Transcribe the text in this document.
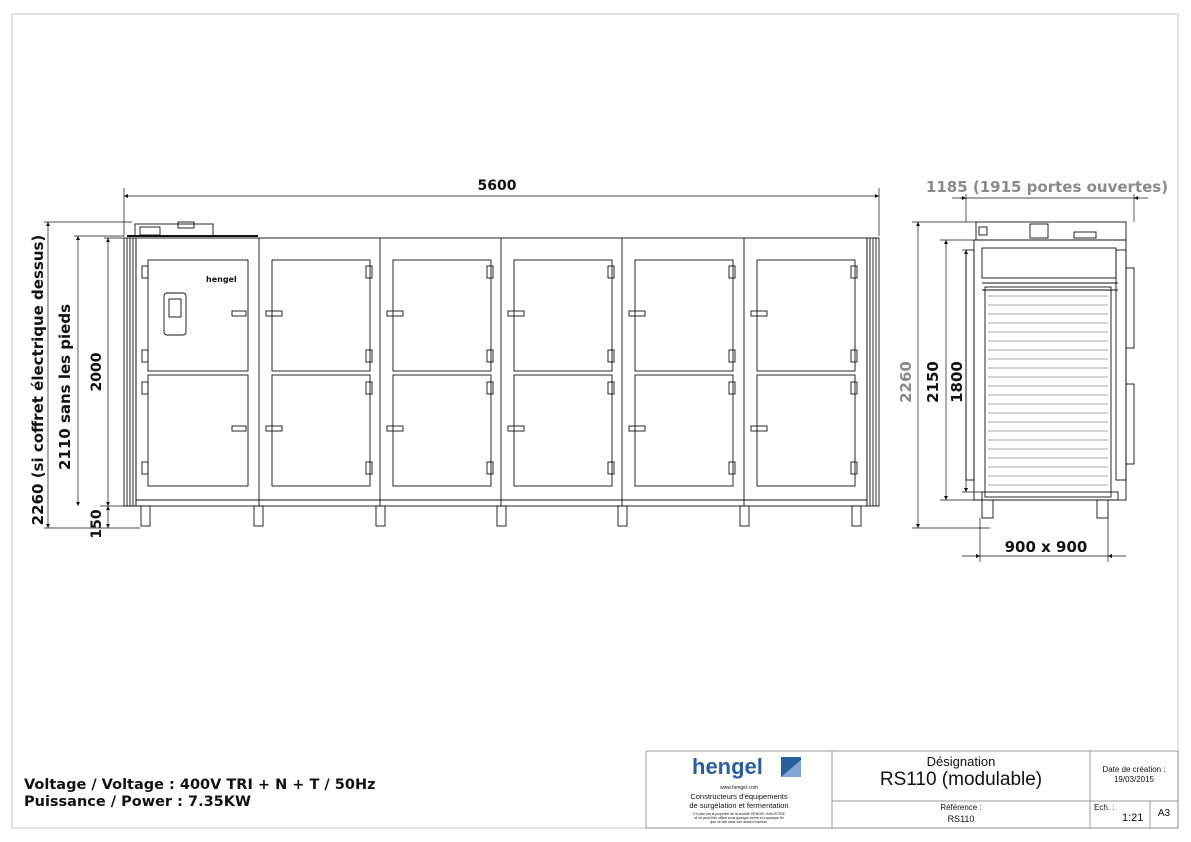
hengel
5600
2260 (si coffret électrique dessus) 2110 sans les pieds 2000
150
1185 (1915 portes ouvertes)
2260 2150 1800
900 x 900
Voltage / Voltage : 400V TRI + N + T / 50Hz
Puissance / Power : 7.35KW
hengel
www.hengel.com
Constructeurs d'équipements
de surgélation et fermentation
Ce plan est la propriété de la société HENGEL INDUSTRIE
et ne peut être utilisé sous quelque forme et à quelque fin
que ce soit sans son accord express.
Désignation
RS110 (modulable)
Référence :
RS110
Date de création :
19/03/2015
Ech. :
1:21	A3
